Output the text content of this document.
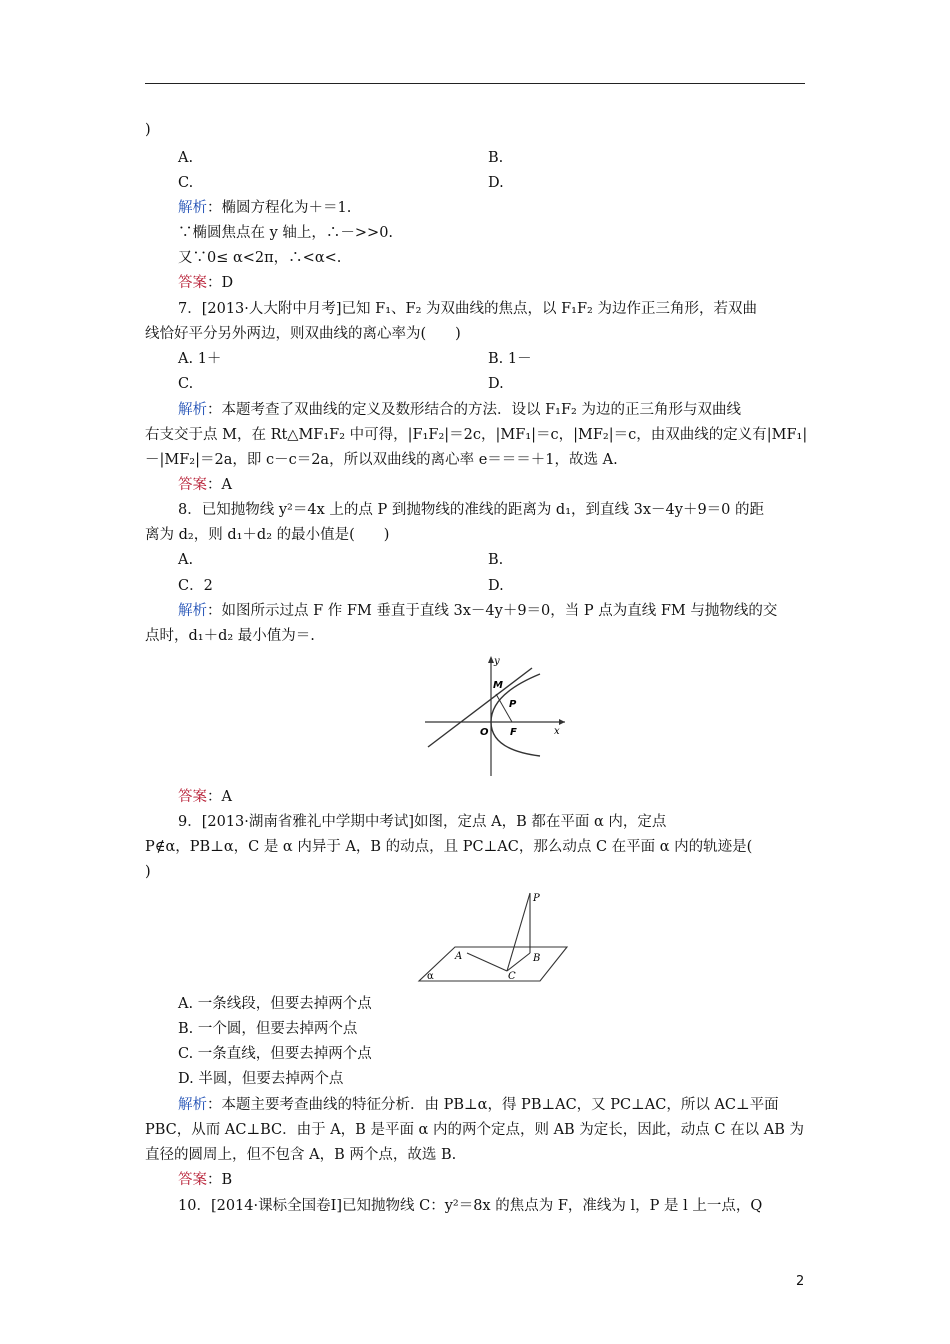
)
A.	B.
C.	D.
解析：椭圆方程化为＋＝1.
∵椭圆焦点在 y 轴上，∴－>>0.
又∵0≤ α<2π，∴<α<.
答案：D
7．[2013·人大附中月考]已知 F₁、F₂ 为双曲线的焦点，以 F₁F₂ 为边作正三角形，若双曲
线恰好平分另外两边，则双曲线的离心率为(　　)
A. 1＋	B. 1－
C.	D.
解析：本题考查了双曲线的定义及数形结合的方法．设以 F₁F₂ 为边的正三角形与双曲线
右支交于点 M，在 Rt△MF₁F₂ 中可得，|F₁F₂|＝2c，|MF₁|＝c，|MF₂|＝c，由双曲线的定义有|MF₁|
－|MF₂|＝2a，即 c－c＝2a，所以双曲线的离心率 e＝＝＝＋1，故选 A.
答案：A
8．已知抛物线 y²＝4x 上的点 P 到抛物线的准线的距离为 d₁，到直线 3x－4y＋9＝0 的距
离为 d₂，则 d₁＋d₂ 的最小值是(　　)
A.	B.
C．2	D.
解析：如图所示过点 F 作 FM 垂直于直线 3x－4y＋9＝0，当 P 点为直线 FM 与抛物线的交
点时，d₁＋d₂ 最小值为＝.
y
x
M
P
O F
答案：A
9．[2013·湖南省雅礼中学期中考试]如图，定点 A，B 都在平面 α 内，定点
P∉α，PB⊥α，C 是 α 内异于 A，B 的动点，且 PC⊥AC，那么动点 C 在平面 α 内的轨迹是(
)
P
A	B
C
α
A. 一条线段，但要去掉两个点
B. 一个圆，但要去掉两个点
C. 一条直线，但要去掉两个点
D. 半圆，但要去掉两个点
解析：本题主要考查曲线的特征分析．由 PB⊥α，得 PB⊥AC，又 PC⊥AC，所以 AC⊥平面
PBC，从而 AC⊥BC．由于 A，B 是平面 α 内的两个定点，则 AB 为定长，因此，动点 C 在以 AB 为
直径的圆周上，但不包含 A，B 两个点，故选 B.
答案：B
10．[2014·课标全国卷Ⅰ]已知抛物线 C：y²＝8x 的焦点为 F，准线为 l，P 是 l 上一点，Q
2
